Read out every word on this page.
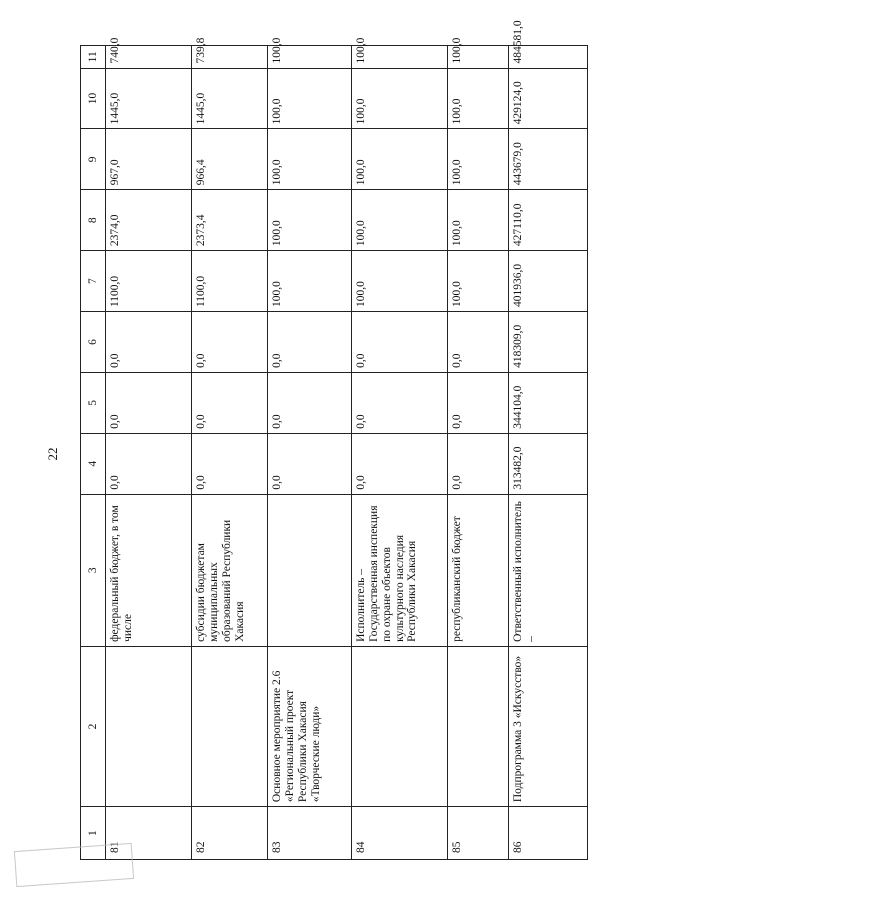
22
1	2	3	4	5	6	7	8	9	10	11
81		федеральный бюджет, в том числе	0,0	0,0	0,0	1100,0	2374,0	967,0	1445,0	740,0
82		субсидии бюджетам муниципальных образований Республики Хакасия	0,0	0,0	0,0	1100,0	2373,4	966,4	1445,0	739,8
83	Основное мероприятие 2.6 «Региональный проект Республики Хакасия «Творческие люди»		0,0	0,0	0,0	100,0	100,0	100,0	100,0	100,0
84		Исполнитель – Государственная инспекция по охране объектов культурного наследия Республики Хакасия	0,0	0,0	0,0	100,0	100,0	100,0	100,0	100,0
85		республиканский бюджет	0,0	0,0	0,0	100,0	100,0	100,0	100,0	100,0
86	Подпрограмма 3 «Искусство»	Ответственный исполнитель –	313482,0	344104,0	418309,0	401936,0	427110,0	443679,0	429124,0	484581,0
